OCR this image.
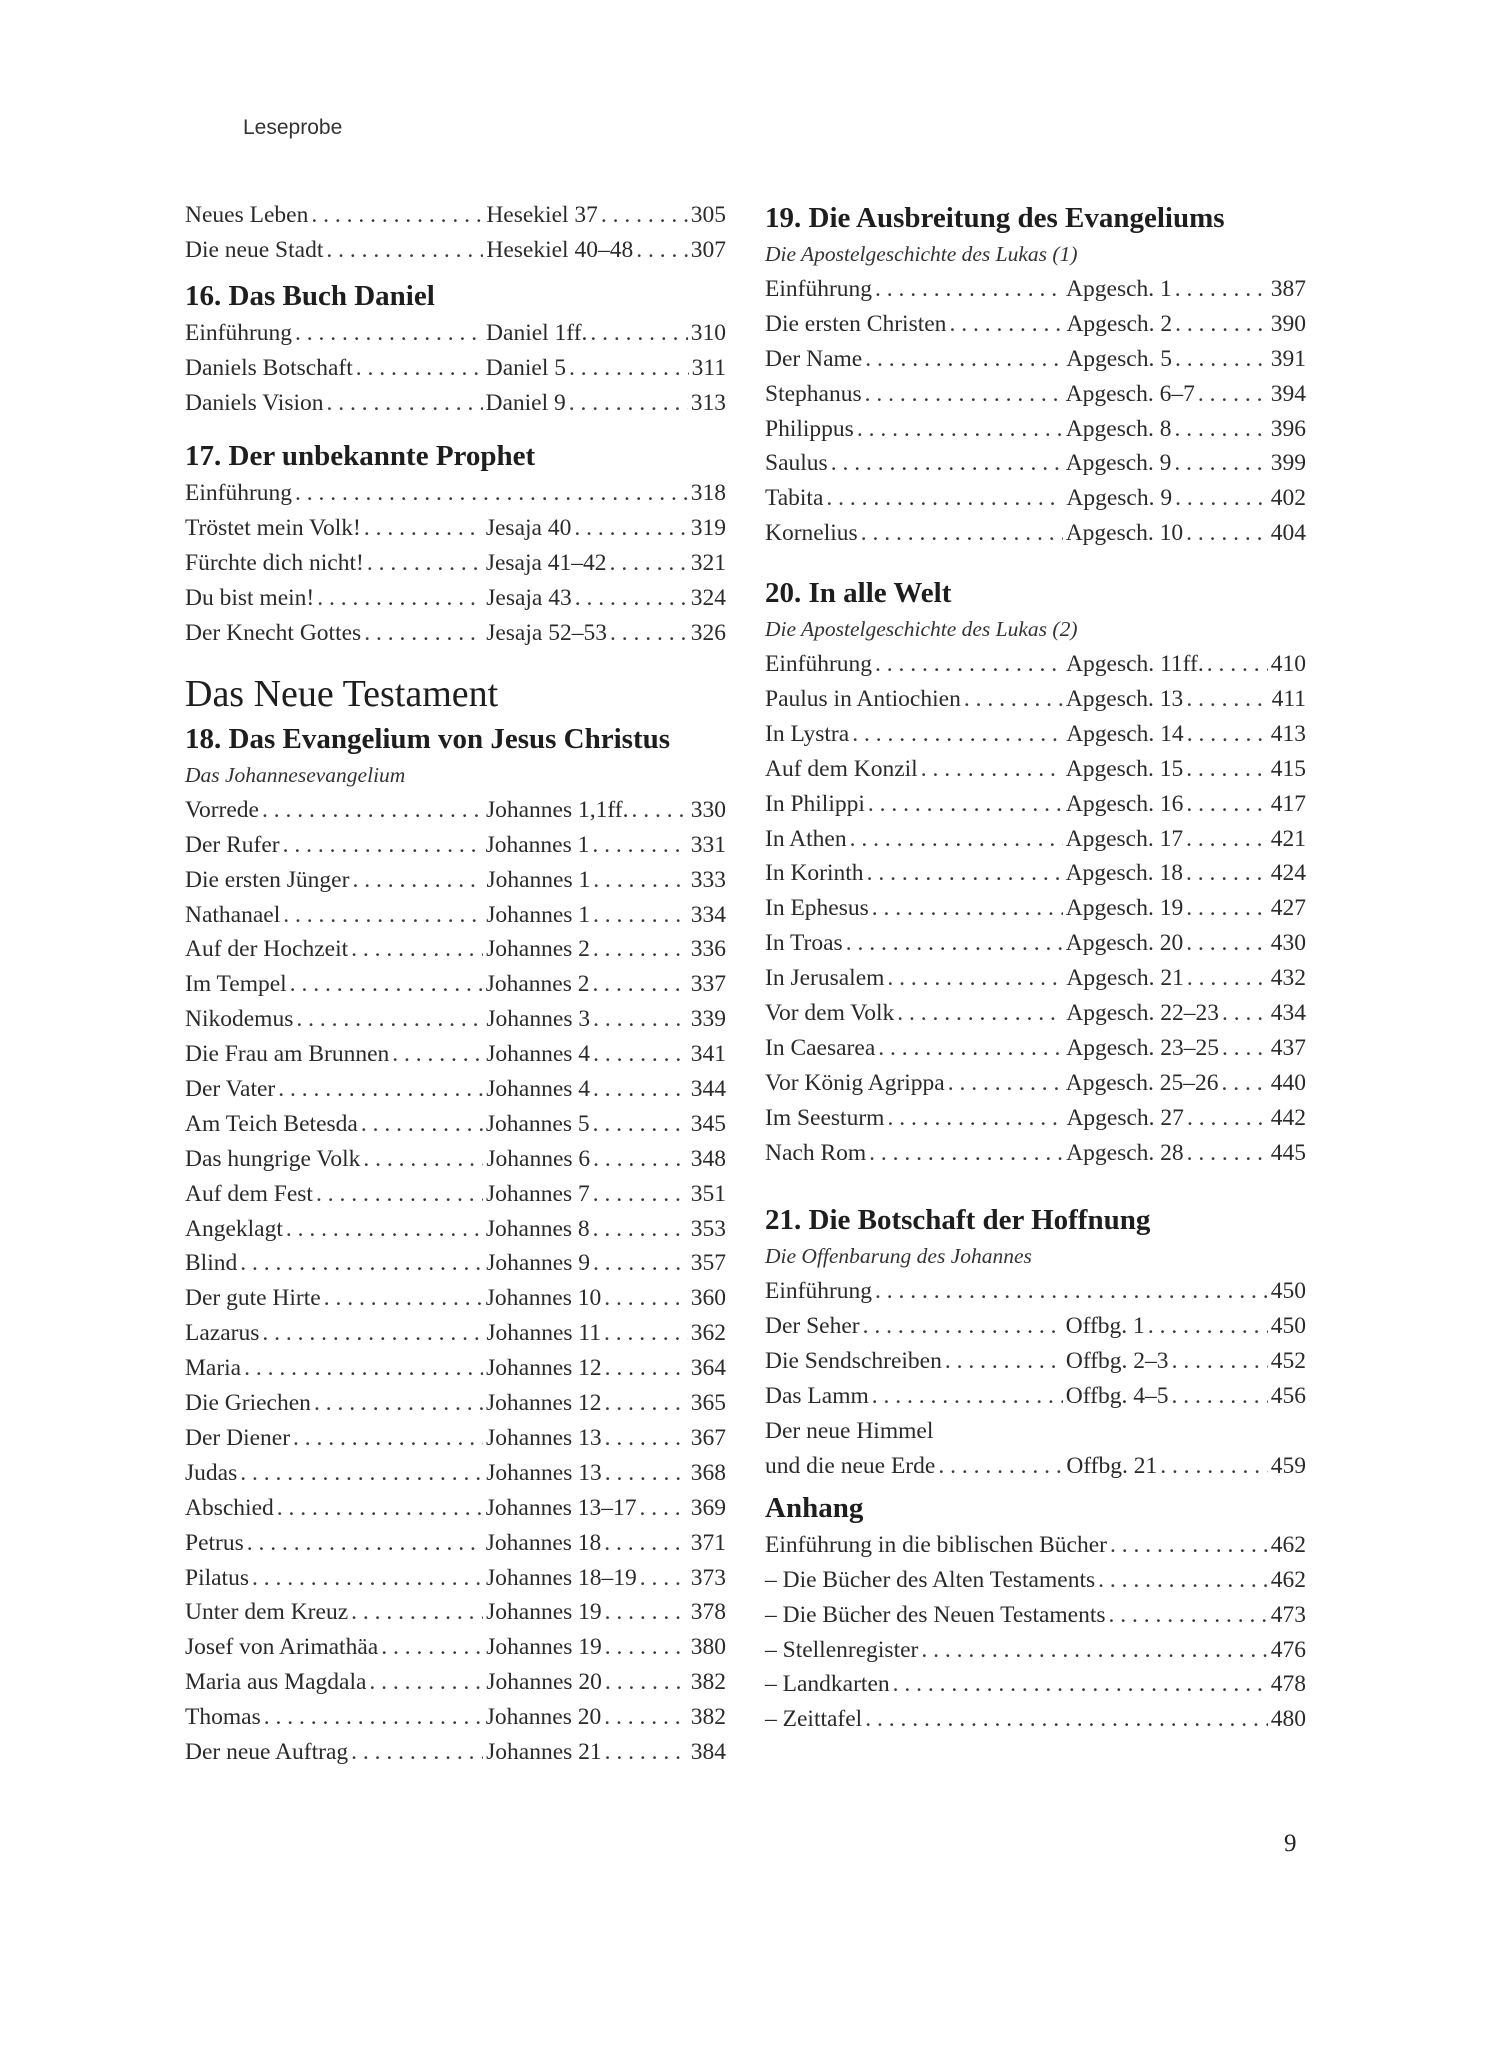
Leseprobe
Neues Leben . . .	Hesekiel 37 . . .	305
Die neue Stadt . . .	Hesekiel 40–48 . . . 307
16. Das Buch Daniel
Einführung . . .	Daniel 1ff. . . .	310
Daniels Botschaft . . .	Daniel 5 . . .	311
Daniels Vision . . .	Daniel 9 . . .	313
17. Der unbekannte Prophet
Einführung . . .	318
Tröstet mein Volk! . . .	Jesaja 40 . . .	319
Fürchte dich nicht! . . .	Jesaja 41–42 . . .	321
Du bist mein! . . .	Jesaja 43 . . .	324
Der Knecht Gottes . . .	Jesaja 52–53 . . .	326
Das Neue Testament
18. Das Evangelium von Jesus Christus
Das Johannesevangelium
Vorrede . . .	Johannes 1,1ff. . . .	330
Der Rufer . . .	Johannes 1 . . .	331
Die ersten Jünger . . .	Johannes 1 . . .	333
Nathanael . . .	Johannes 1 . . .	334
Auf der Hochzeit . . .	Johannes 2 . . .	336
Im Tempel . . .	Johannes 2 . . .	337
Nikodemus . . .	Johannes 3 . . .	339
Die Frau am Brunnen . . .	Johannes 4 . . .	341
Der Vater . . .	Johannes 4 . . .	344
Am Teich Betesda . . .	Johannes 5 . . .	345
Das hungrige Volk . . .	Johannes 6 . . .	348
Auf dem Fest . . .	Johannes 7 . . .	351
Angeklagt . . .	Johannes 8 . . .	353
Blind . . .	Johannes 9 . . .	357
Der gute Hirte . . .	Johannes 10 . . .	360
Lazarus . . .	Johannes 11 . . .	362
Maria . . .	Johannes 12 . . .	364
Die Griechen . . .	Johannes 12 . . .	365
Der Diener . . .	Johannes 13 . . .	367
Judas . . .	Johannes 13 . . .	368
Abschied . . .	Johannes 13–17 . . . 369
Petrus . . .	Johannes 18 . . .	371
Pilatus . . .	Johannes 18–19 . . . 373
Unter dem Kreuz . . .	Johannes 19 . . .	378
Josef von Arimathäa . . .	Johannes 19 . . .	380
Maria aus Magdala . . .	Johannes 20 . . .	382
Thomas . . .	Johannes 20 . . .	382
Der neue Auftrag . . .	Johannes 21 . . .	384
19. Die Ausbreitung des Evangeliums
Die Apostelgeschichte des Lukas (1)
Einführung . . .	Apgesch. 1 . . .	387
Die ersten Christen . . .	Apgesch. 2 . . .	390
Der Name . . .	Apgesch. 5 . . .	391
Stephanus . . .	Apgesch. 6–7 . . .	394
Philippus . . .	Apgesch. 8 . . .	396
Saulus . . .	Apgesch. 9 . . .	399
Tabita . . .	Apgesch. 9 . . .	402
Kornelius . . .	Apgesch. 10 . . .	404
20. In alle Welt
Die Apostelgeschichte des Lukas (2)
Einführung . . .	Apgesch. 11ff. . . .	410
Paulus in Antiochien . . .	Apgesch. 13 . . .	411
In Lystra . . .	Apgesch. 14 . . .	413
Auf dem Konzil . . .	Apgesch. 15 . . .	415
In Philippi . . .	Apgesch. 16 . . .	417
In Athen . . .	Apgesch. 17 . . .	421
In Korinth . . .	Apgesch. 18 . . .	424
In Ephesus . . .	Apgesch. 19 . . .	427
In Troas . . .	Apgesch. 20 . . .	430
In Jerusalem . . .	Apgesch. 21 . . .	432
Vor dem Volk . . .	Apgesch. 22–23 . . . 434
In Caesarea . . .	Apgesch. 23–25 . . . 437
Vor König Agrippa . . .	Apgesch. 25–26 . . . 440
Im Seesturm . . .	Apgesch. 27 . . .	442
Nach Rom . . .	Apgesch. 28 . . .	445
21. Die Botschaft der Hoffnung
Die Offenbarung des Johannes
Einführung . . .	450
Der Seher . . .	Offbg. 1 . . .	450
Die Sendschreiben . . .	Offbg. 2–3 . . .	452
Das Lamm . . .	Offbg. 4–5 . . .	456
Der neue Himmel
und die neue Erde . . .	Offbg. 21 . . .	459
Anhang
Einführung in die biblischen Bücher . . .	462
– Die Bücher des Alten Testaments . . .	462
– Die Bücher des Neuen Testaments . . .	473
– Stellenregister . . .	476
– Landkarten . . .	478
– Zeittafel . . .	480
9
